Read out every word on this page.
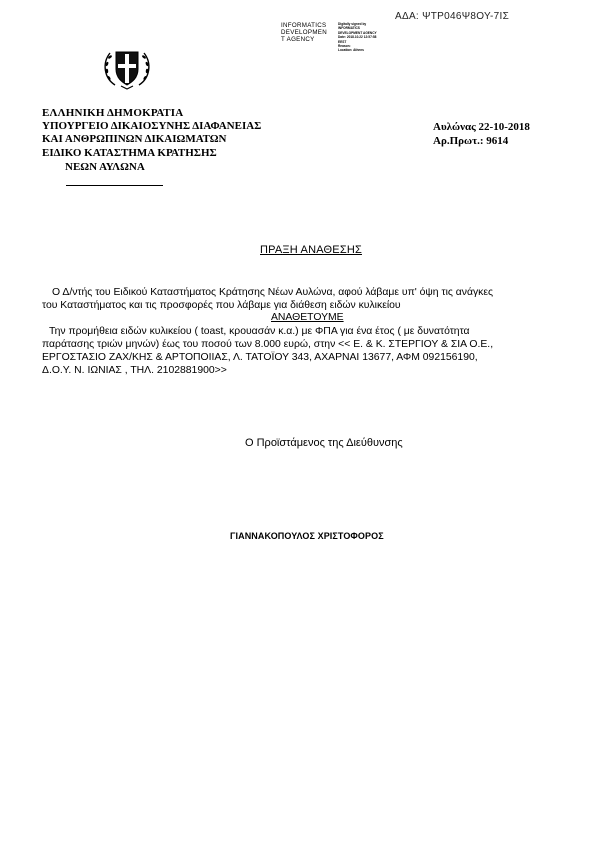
ΑΔΑ: ΨΤΡ046Ψ8ΟΥ-7ΙΣ
INFORMATICS
DEVELOPMEN
T AGENCY
Digitally signed by
INFORMATICS
DEVELOPMENT AGENCY
Date: 2018.10.22 12:57:58
EEST
Reason:
Location: Athens
ΕΛΛΗΝΙΚΗ ΔΗΜΟΚΡΑΤΙΑ
ΥΠΟΥΡΓΕΙΟ ΔΙΚΑΙΟΣΥΝΗΣ ΔΙΑΦΑΝΕΙΑΣ
ΚΑΙ ΑΝΘΡΩΠΙΝΩΝ ΔΙΚΑΙΩΜΑΤΩΝ
ΕΙΔΙΚΟ ΚΑΤΑΣΤΗΜΑ ΚΡΑΤΗΣΗΣ
ΝΕΩΝ ΑΥΛΩΝΑ
Αυλώνας 22-10-2018
Αρ.Πρωτ.: 9614
ΠΡΑΞΗ ΑΝΑΘΕΣΗΣ
Ο Δ/ντής του Ειδικού Καταστήματος Κράτησης Νέων Αυλώνα, αφού λάβαμε υπ' όψη τις ανάγκες
του Καταστήματος και τις προσφορές που λάβαμε για διάθεση ειδών κυλικείου
ΑΝΑΘΕΤΟΥΜΕ
Την προμήθεια ειδών κυλικείου ( toast, κρουασάν κ.α.) με ΦΠΑ για ένα έτος ( με δυνατότητα
παράτασης τριών μηνών) έως του ποσού των 8.000 ευρώ, στην << Ε. & Κ. ΣΤΕΡΓΙΟΥ & ΣΙΑ Ο.Ε.,
ΕΡΓΟΣΤΑΣΙΟ ΖΑΧ/ΚΗΣ & ΑΡΤΟΠΟΙΙΑΣ, Λ. ΤΑΤΟΪΟΥ 343, ΑΧΑΡΝΑΙ 13677, ΑΦΜ 092156190,
Δ.Ο.Υ. Ν. ΙΩΝΙΑΣ , ΤΗΛ. 2102881900>>
Ο Προϊστάμενος της Διεύθυνσης
ΓΙΑΝΝΑΚΟΠΟΥΛΟΣ ΧΡΙΣΤΟΦΟΡΟΣ
